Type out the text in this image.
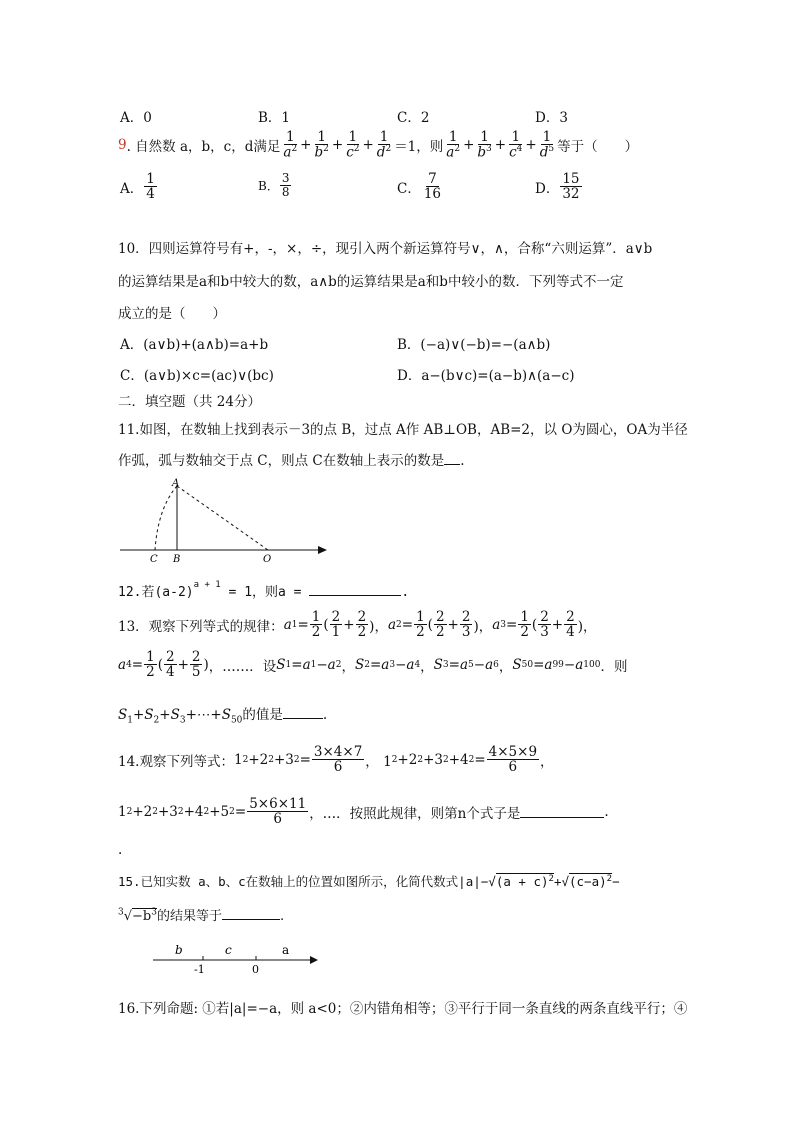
A．0	B．1	C．2	D．3
9 . 自然数 a，b，c，d满足 $\frac{1}{a^2} + \frac{1}{b^2} + \frac{1}{c^2} + \frac{1}{d^2} =1$，则 $\frac{1}{a^2} + \frac{1}{b^3} + \frac{1}{c^4} + \frac{1}{d^5}$ 等于（　　）
A． $\frac{1}{4}$	B． $\frac{3}{8}$	C． $\frac{7}{16}$	D． $\frac{15}{32}$
10．四则运算符号有+，-，×，÷，现引入两个新运算符号∨，∧，合称“六则运算”．a∨b
的运算结果是a和b中较大的数，a∧b的运算结果是a和b中较小的数．下列等式不一定
成立的是（　　）
A．(a∨b)+(a∧b)=a+b	B．(−a)∨(−b)=−(a∧b)
C．(a∨b)×c=(ac)∨(bc)	D．a−(b∨c)=(a−b)∧(a−c)
二．填空题（共 24分）
11.如图，在数轴上找到表示－3的点 B，过点 A作 AB⊥OB，AB=2，以 O为圆心，OA为半径
作弧，弧与数轴交于点 C，则点 C在数轴上表示的数是 .
A
C B	O
12.若$(a-2)^{a + 1} = 1$，则a =	.
13．观察下列等式的规律： a $1 = \frac{1}{2}$ ( $\frac{2}{1} + \frac{2}{2}$ )， a $2 = \frac{1}{2}$ ( $\frac{2}{2} + \frac{2}{3}$ )， a $3 = \frac{1}{2}$ ( $\frac{2}{3} + \frac{2}{4}$ )，
a $4 = \frac{1}{2}$ ( $\frac{2}{4} + \frac{2}{5}$ ) ，……．设 S 1 = a 1 − a 2 ， S 2 = a 3 − a 4 ， S 3 = a 5 − a 6 ， S 50 = a 99 − a 100 ．则
$S_1+S_2+S_3+\cdots+S_{50}$的值是	.
14.观察下列等式： 1 2 +2 2 +3 $2 = \frac{3\times 4\times 7}{6}$ ， 1 2 +2 2 +3 2 +4 $2 = \frac{4\times 5\times 9}{6}$ ，
1 2 +2 2 +3 2 +4 2 +5 $2 = \frac{5\times 6\times 11}{6}$ ，…．按照此规律，则第n个式子是	.
.
15.已知实数 a、b、c在数轴上的位置如图所示，化简代数式$|a|-√(a + c)^2+√(c-a)^2-$
$^3√-b^3$的结果等于	.
b	c	a
-1	0
16.下列命题: ①若|a|=−a，则 a<0；②内错角相等；③平行于同一条直线的两条直线平行；④
